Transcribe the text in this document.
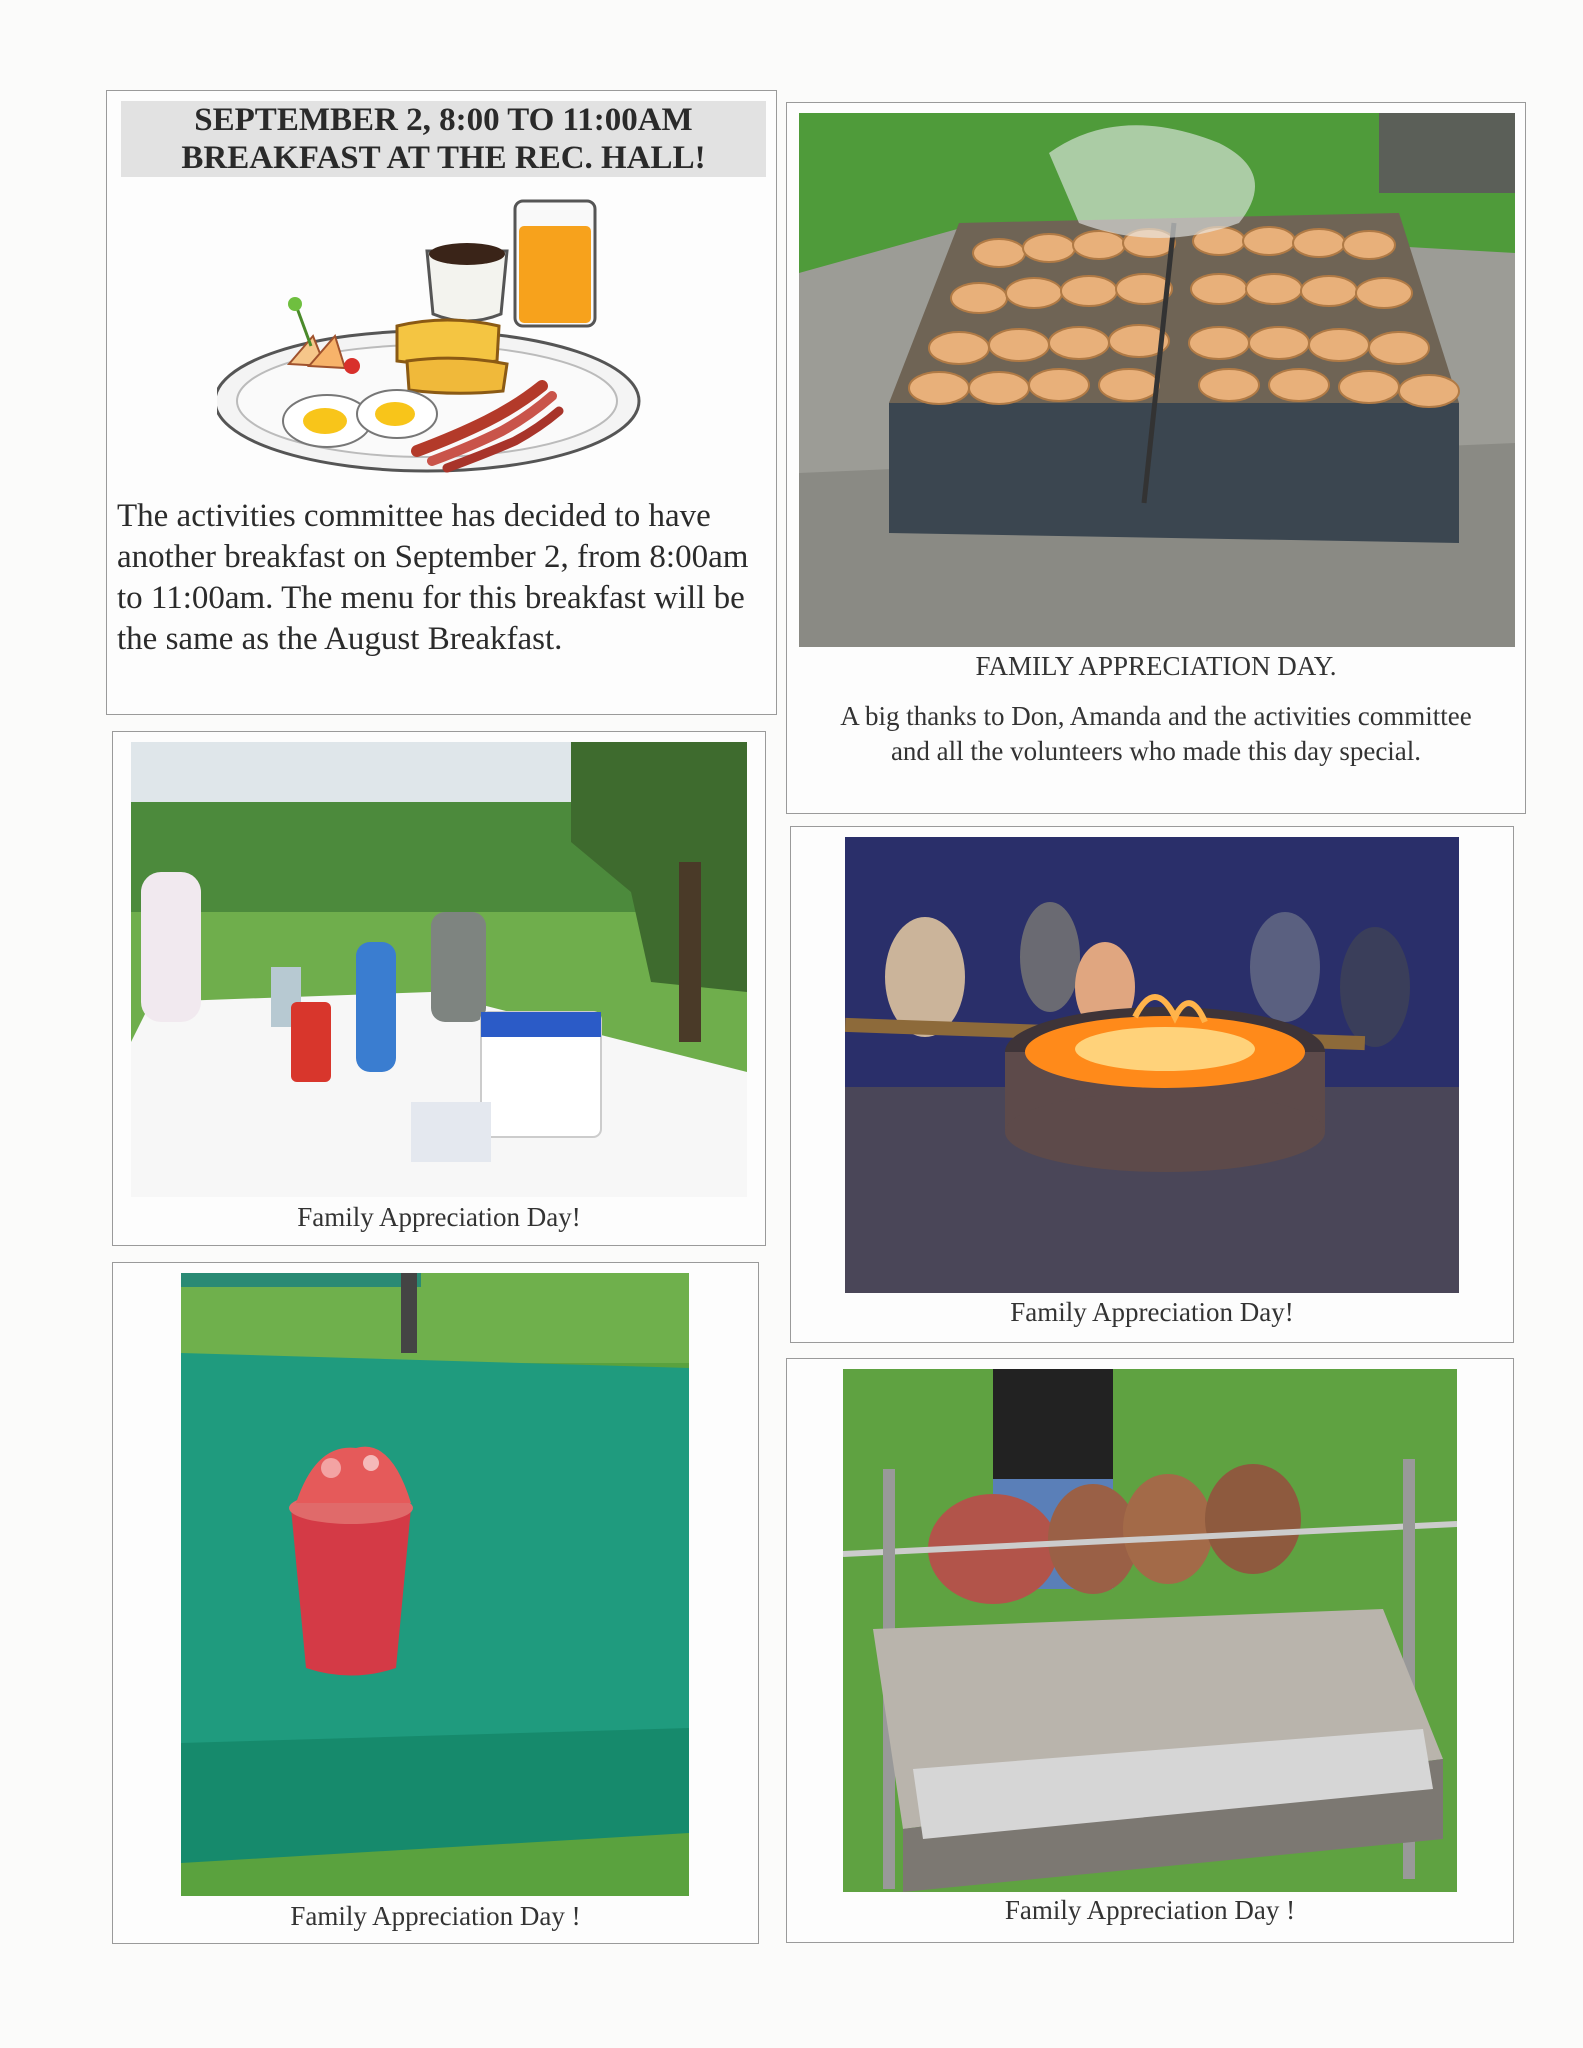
SEPTEMBER 2, 8:00 TO 11:00AM
BREAKFAST AT THE REC. HALL!
The activities committee has decided to have another breakfast on September 2, from 8:00am to 11:00am. The menu for this breakfast will be the same as the August Breakfast.
FAMILY APPRECIATION DAY.
A big thanks to Don, Amanda and the activities committee and all the volunteers who made this day special.
Family Appreciation Day!
Family Appreciation Day!
Family Appreciation Day !	Family Appreciation Day !
